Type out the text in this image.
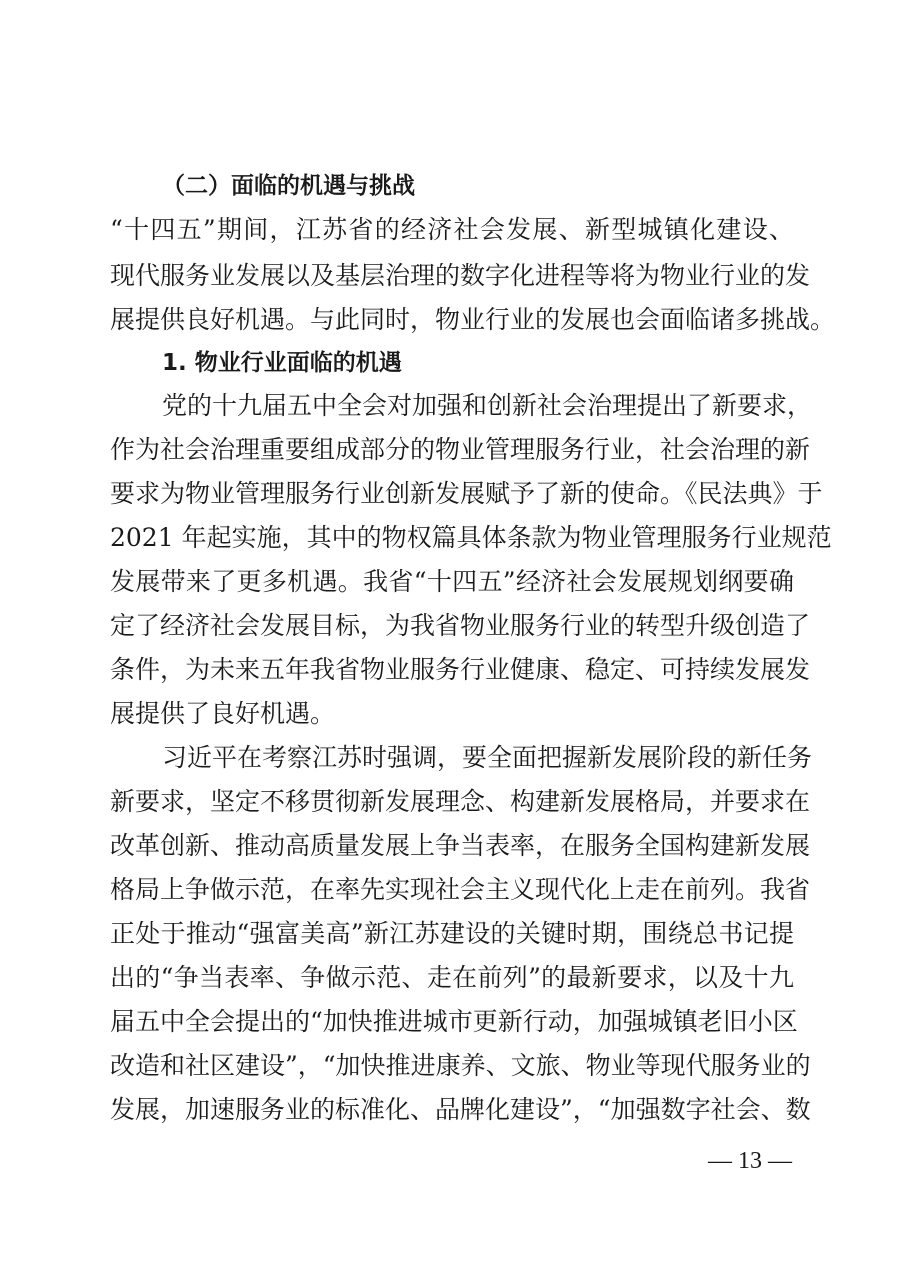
（二）面临的机遇与挑战
“十四五”期间，江苏省的经济社会发展、新型城镇化建设、
现代服务业发展以及基层治理的数字化进程等将为物业行业的发
展提供良好机遇。与此同时，物业行业的发展也会面临诸多挑战。
1. 物业行业面临的机遇
党的十九届五中全会对加强和创新社会治理提出了新要求，
作为社会治理重要组成部分的物业管理服务行业，社会治理的新
要求为物业管理服务行业创新发展赋予了新的使命。《民法典》于
2021 年起实施，其中的物权篇具体条款为物业管理服务行业规范
发展带来了更多机遇。我省“十四五”经济社会发展规划纲要确
定了经济社会发展目标，为我省物业服务行业的转型升级创造了
条件，为未来五年我省物业服务行业健康、稳定、可持续发展发
展提供了良好机遇。
习近平在考察江苏时强调，要全面把握新发展阶段的新任务
新要求，坚定不移贯彻新发展理念、构建新发展格局，并要求在
改革创新、推动高质量发展上争当表率，在服务全国构建新发展
格局上争做示范，在率先实现社会主义现代化上走在前列。我省
正处于推动“强富美高”新江苏建设的关键时期，围绕总书记提
出的“争当表率、争做示范、走在前列”的最新要求，以及十九
届五中全会提出的“加快推进城市更新行动，加强城镇老旧小区
改造和社区建设”，“加快推进康养、文旅、物业等现代服务业的
发展，加速服务业的标准化、品牌化建设”，“加强数字社会、数
— 13 —
